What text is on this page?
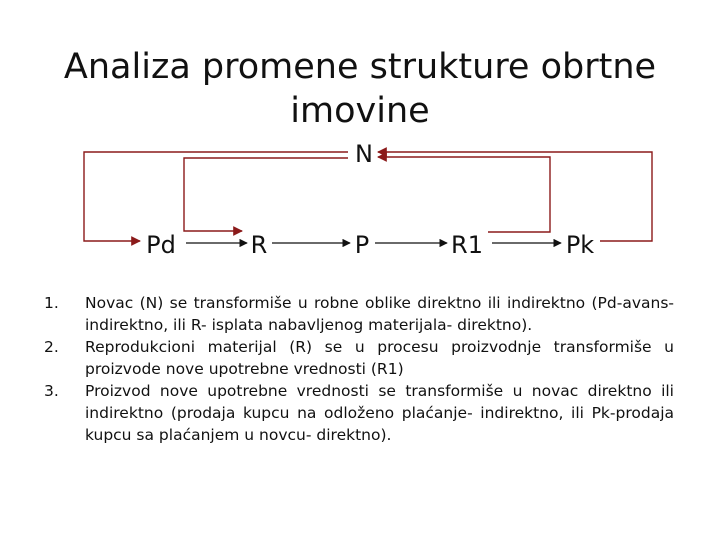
Analiza promene strukture obrtne
imovine
N
Pd	R	P	R1	Pk
1.	Novac (N) se transformiše u robne oblike direktno ili indirektno (Pd-avans- indirektno, ili R- isplata nabavljenog materijala- direktno).
2.	Reprodukcioni materijal (R) se u procesu proizvodnje transformiše u proizvode nove upotrebne vrednosti (R1)
3.	Proizvod nove upotrebne vrednosti se transformiše u novac direktno ili indirektno (prodaja kupcu na odloženo plaćanje- indirektno, ili Pk-prodaja kupcu sa plaćanjem u novcu- direktno).
